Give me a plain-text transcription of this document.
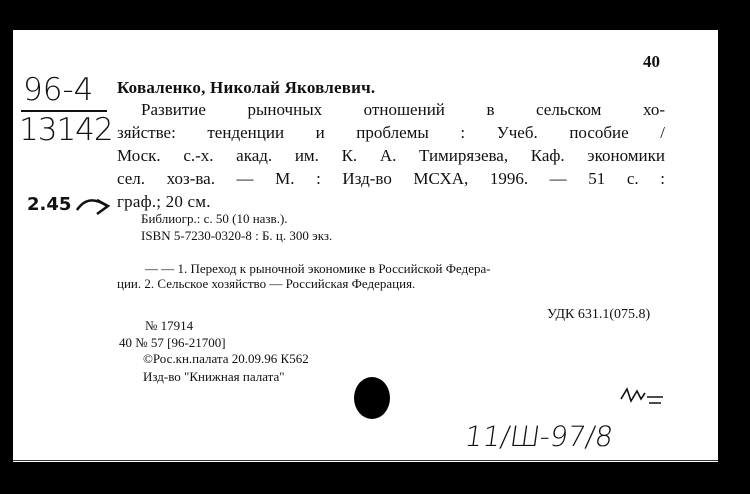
40
96-4
13142
2.45
Коваленко, Николай Яковлевич.
Развитие рыночных отношений в сельском хо-
зяйстве: тенденции и проблемы : Учеб. пособие /
Моск. с.-х. акад. им. К. А. Тимирязева, Каф. экономики
сел. хоз-ва. — М. : Изд-во МСХА, 1996. — 51 с. :
граф.; 20 см.
Библиогр.: с. 50 (10 назв.).
ISBN 5-7230-0320-8 : Б. ц. 300 экз.
— — 1. Переход к рыночной экономике в Российской Федера-
ции. 2. Сельское хозяйство — Российская Федерация.
УДК 631.1(075.8)
№ 17914
40 № 57 [96-21700]
©Рос.кн.палата 20.09.96 К562
Изд-во "Книжная палата"
11/Ш-97/8
